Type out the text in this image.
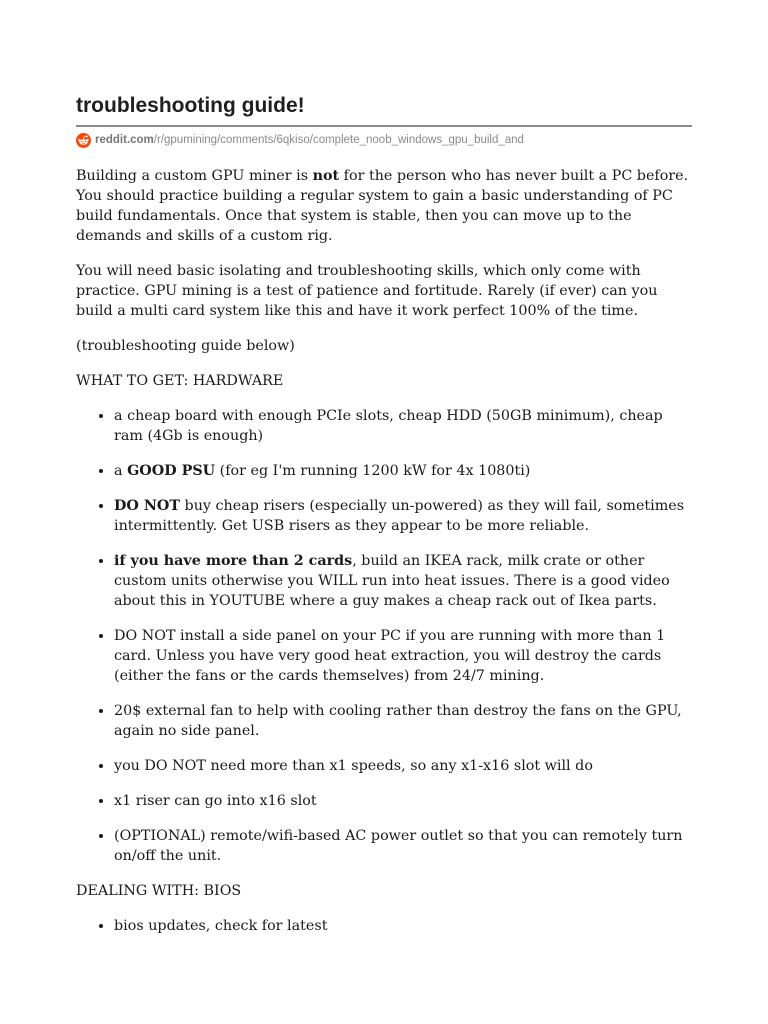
troubleshooting guide!
reddit.com /r/gpumining/comments/6qkiso/complete_noob_windows_gpu_build_and

Building a custom GPU miner is not for the person who has never built a PC before. You should practice building a regular system to gain a basic understanding of PC build fundamentals. Once that system is stable, then you can move up to the demands and skills of a custom rig.

You will need basic isolating and troubleshooting skills, which only come with practice. GPU mining is a test of patience and fortitude. Rarely (if ever) can you build a multi card system like this and have it work perfect 100% of the time.

(troubleshooting guide below)

WHAT TO GET: HARDWARE

• a cheap board with enough PCIe slots, cheap HDD (50GB minimum), cheap ram (4Gb is enough)
• a GOOD PSU (for eg I'm running 1200 kW for 4x 1080ti)
• DO NOT buy cheap risers (especially un-powered) as they will fail, sometimes intermittently. Get USB risers as they appear to be more reliable.
• if you have more than 2 cards, build an IKEA rack, milk crate or other custom units otherwise you WILL run into heat issues. There is a good video about this in YOUTUBE where a guy makes a cheap rack out of Ikea parts.
• DO NOT install a side panel on your PC if you are running with more than 1 card. Unless you have very good heat extraction, you will destroy the cards (either the fans or the cards themselves) from 24/7 mining.
• 20$ external fan to help with cooling rather than destroy the fans on the GPU, again no side panel.
• you DO NOT need more than x1 speeds, so any x1-x16 slot will do
• x1 riser can go into x16 slot
• (OPTIONAL) remote/wifi-based AC power outlet so that you can remotely turn on/off the unit.

DEALING WITH: BIOS

• bios updates, check for latest
